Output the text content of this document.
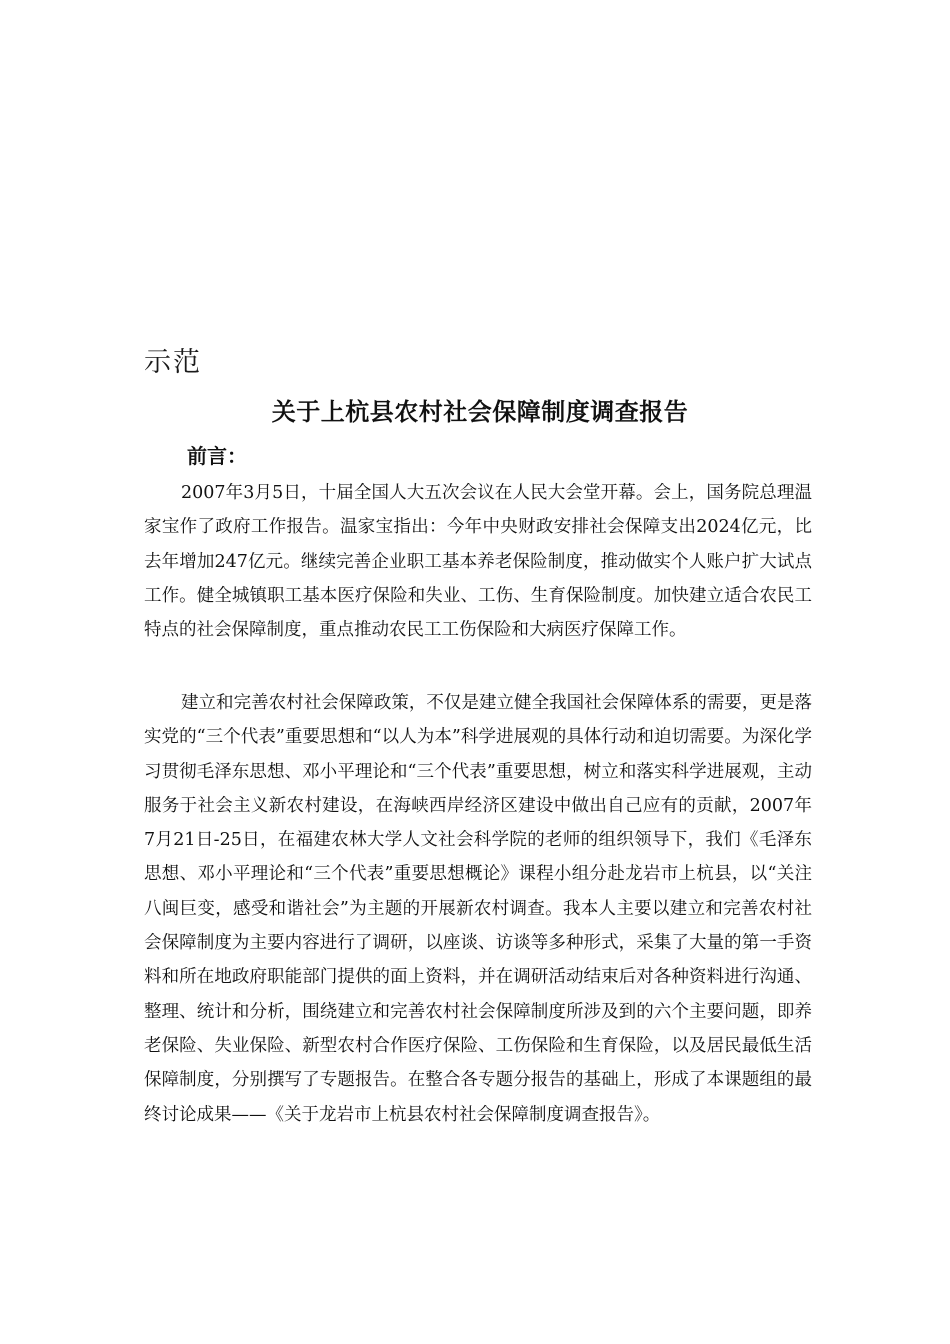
示范
关于上杭县农村社会保障制度调查报告
前言：

2007年3月5日，十届全国人大五次会议在人民大会堂开幕。会上，国务院总理温家宝作了政府工作报告。温家宝指出：今年中央财政安排社会保障支出2024亿元，比去年增加247亿元。继续完善企业职工基本养老保险制度，推动做实个人账户扩大试点工作。健全城镇职工基本医疗保险和失业、工伤、生育保险制度。加快建立适合农民工特点的社会保障制度，重点推动农民工工伤保险和大病医疗保障工作。

建立和完善农村社会保障政策，不仅是建立健全我国社会保障体系的需要，更是落实党的“三个代表”重要思想和“以人为本”科学进展观的具体行动和迫切需要。为深化学习贯彻毛泽东思想、邓小平理论和“三个代表”重要思想，树立和落实科学进展观，主动服务于社会主义新农村建设，在海峡西岸经济区建设中做出自己应有的贡献，2007年7月21日-25日，在福建农林大学人文社会科学院的老师的组织领导下，我们《毛泽东思想、邓小平理论和“三个代表”重要思想概论》课程小组分赴龙岩市上杭县，以“关注八闽巨变，感受和谐社会”为主题的开展新农村调查。我本人主要以建立和完善农村社会保障制度为主要内容进行了调研，以座谈、访谈等多种形式，采集了大量的第一手资料和所在地政府职能部门提供的面上资料，并在调研活动结束后对各种资料进行沟通、整理、统计和分析，围绕建立和完善农村社会保障制度所涉及到的六个主要问题，即养老保险、失业保险、新型农村合作医疗保险、工伤保险和生育保险，以及居民最低生活保障制度，分别撰写了专题报告。在整合各专题分报告的基础上，形成了本课题组的最终讨论成果——《关于龙岩市上杭县农村社会保障制度调查报告》。
